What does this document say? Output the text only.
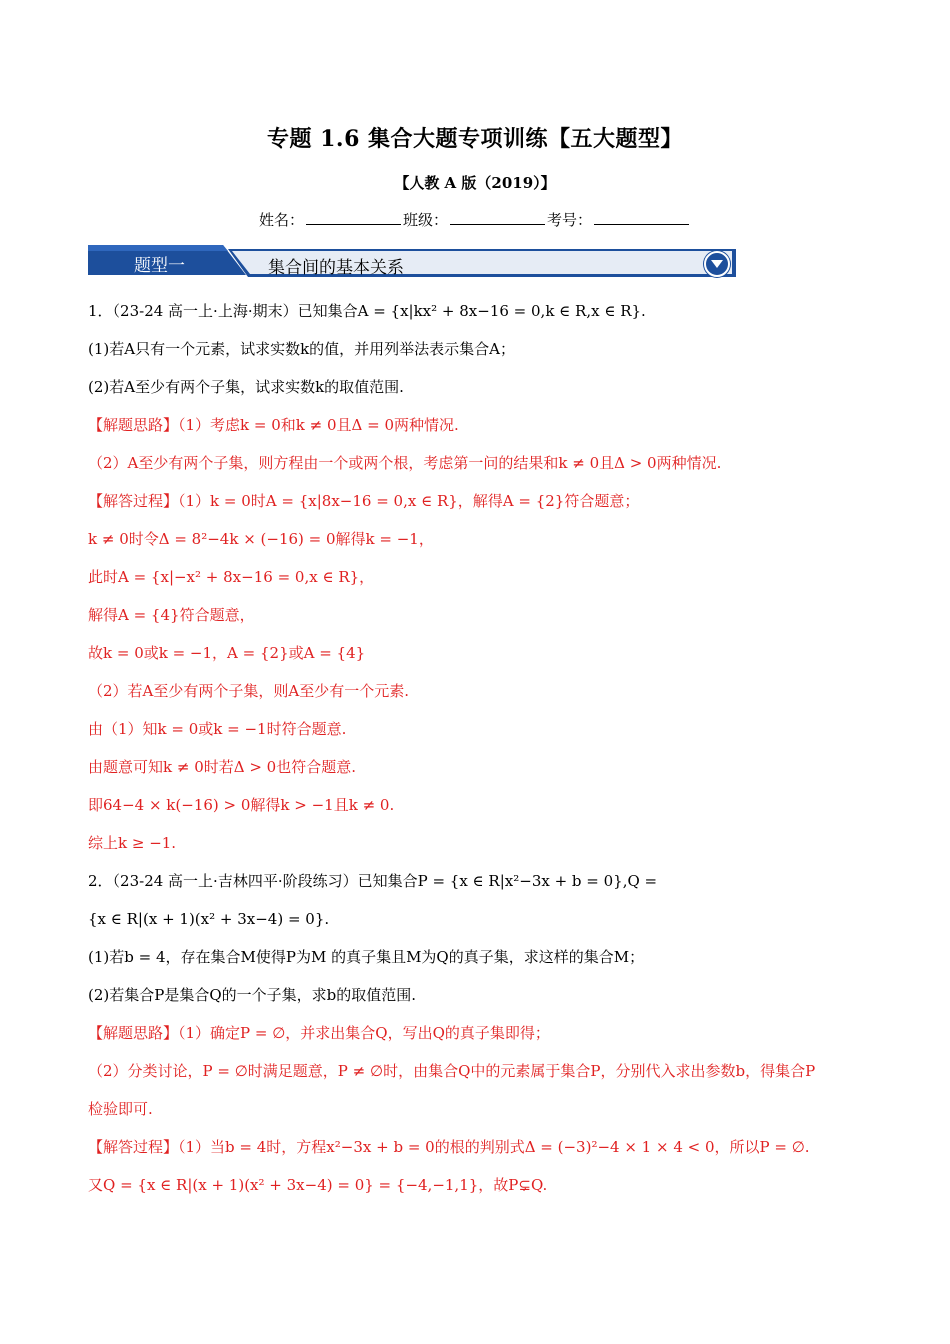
专题 1.6 集合大题专项训练【五大题型】
【人教 A 版（2019）】
姓名：	班级：	考号：
题型一	集合间的基本关系
1．（23-24 高一上·上海·期末）已知集合A = {x|kx² + 8x−16 = 0,k ∈ R,x ∈ R}.
(1)若A只有一个元素，试求实数k的值，并用列举法表示集合A；
(2)若A至少有两个子集，试求实数k的取值范围.
【解题思路】（1）考虑k = 0和k ≠ 0且Δ = 0两种情况.
（2）A至少有两个子集，则方程由一个或两个根，考虑第一问的结果和k ≠ 0且Δ > 0两种情况.
【解答过程】（1）k = 0时A = {x|8x−16 = 0,x ∈ R}，解得A = {2}符合题意；
k ≠ 0时令Δ = 8²−4k × (−16) = 0解得k = −1，
此时A = {x|−x² + 8x−16 = 0,x ∈ R}，
解得A = {4}符合题意，
故k = 0或k = −1，A = {2}或A = {4}
（2）若A至少有两个子集，则A至少有一个元素.
由（1）知k = 0或k = −1时符合题意.
由题意可知k ≠ 0时若Δ > 0也符合题意.
即64−4 × k(−16) > 0解得k > −1且k ≠ 0.
综上k ≥ −1.
2．（23-24 高一上·吉林四平·阶段练习）已知集合P = {x ∈ R|x²−3x + b = 0},Q =
{x ∈ R|(x + 1)(x² + 3x−4) = 0}.
(1)若b = 4，存在集合M使得P为M 的真子集且M为Q的真子集，求这样的集合M；
(2)若集合P是集合Q的一个子集，求b的取值范围.
【解题思路】（1）确定P = ∅，并求出集合Q，写出Q的真子集即得；
（2）分类讨论，P = ∅时满足题意，P ≠ ∅时，由集合Q中的元素属于集合P，分别代入求出参数b，得集合P
检验即可.
【解答过程】（1）当b = 4时，方程x²−3x + b = 0的根的判别式Δ = (−3)²−4 × 1 × 4 < 0，所以P = ∅.
又Q = {x ∈ R|(x + 1)(x² + 3x−4) = 0} = {−4,−1,1}，故P⊊Q.
